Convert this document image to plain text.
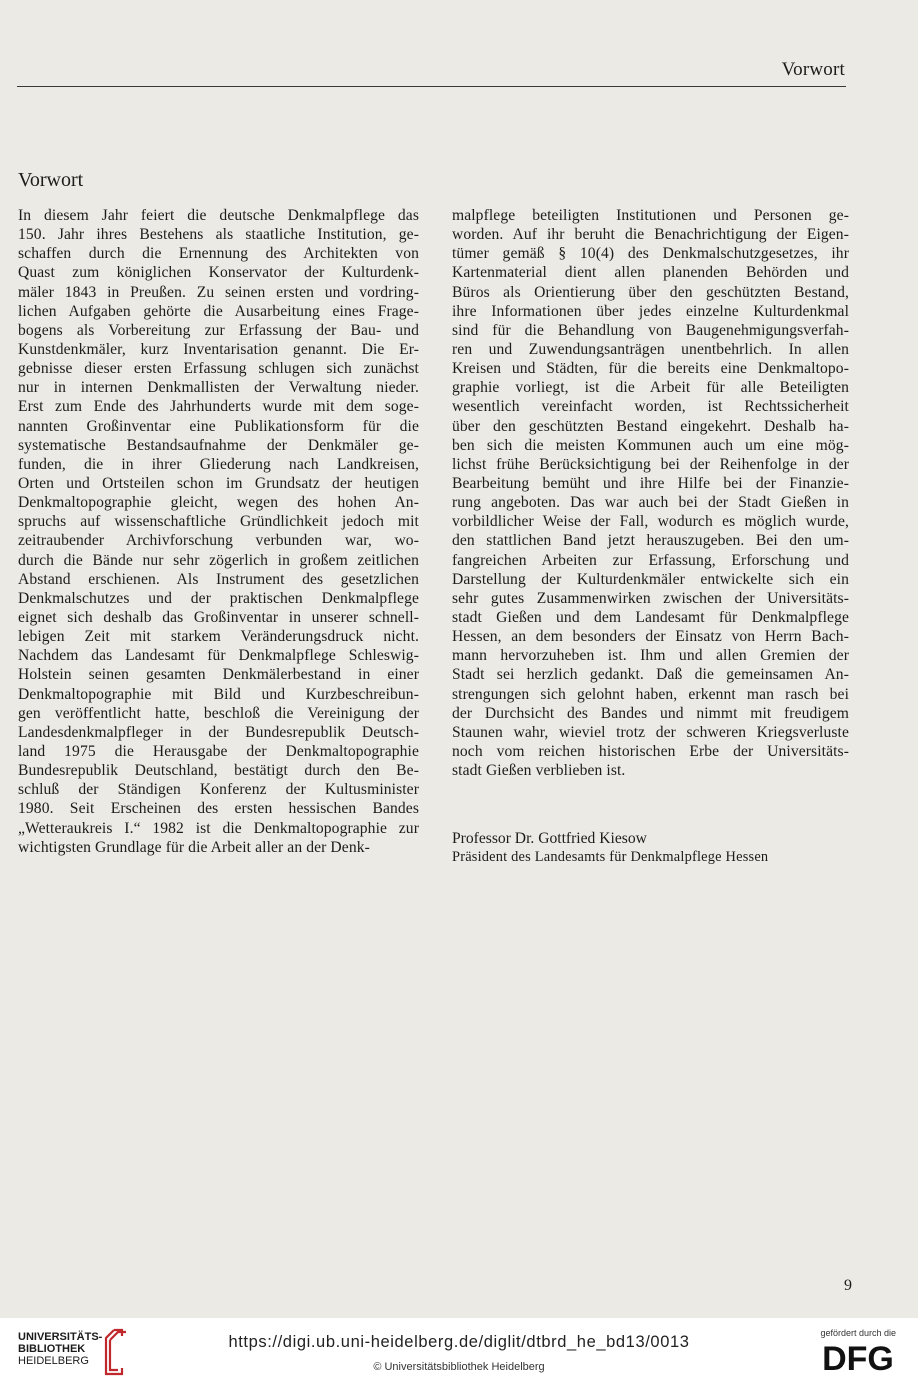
Vorwort
Vorwort
In diesem Jahr feiert die deutsche Denkmalpflege das
150. Jahr ihres Bestehens als staatliche Institution, ge-
schaffen durch die Ernennung des Architekten von
Quast zum königlichen Konservator der Kulturdenk-
mäler 1843 in Preußen. Zu seinen ersten und vordring-
lichen Aufgaben gehörte die Ausarbeitung eines Frage-
bogens als Vorbereitung zur Erfassung der Bau- und
Kunstdenkmäler, kurz Inventarisation genannt. Die Er-
gebnisse dieser ersten Erfassung schlugen sich zunächst
nur in internen Denkmallisten der Verwaltung nieder.
Erst zum Ende des Jahrhunderts wurde mit dem soge-
nannten Großinventar eine Publikationsform für die
systematische Bestandsaufnahme der Denkmäler ge-
funden, die in ihrer Gliederung nach Landkreisen,
Orten und Ortsteilen schon im Grundsatz der heutigen
Denkmaltopographie gleicht, wegen des hohen An-
spruchs auf wissenschaftliche Gründlichkeit jedoch mit
zeitraubender Archivforschung verbunden war, wo-
durch die Bände nur sehr zögerlich in großem zeitlichen
Abstand erschienen. Als Instrument des gesetzlichen
Denkmalschutzes und der praktischen Denkmalpflege
eignet sich deshalb das Großinventar in unserer schnell-
lebigen Zeit mit starkem Veränderungsdruck nicht.
Nachdem das Landesamt für Denkmalpflege Schleswig-
Holstein seinen gesamten Denkmälerbestand in einer
Denkmaltopographie mit Bild und Kurzbeschreibun-
gen veröffentlicht hatte, beschloß die Vereinigung der
Landesdenkmalpfleger in der Bundesrepublik Deutsch-
land 1975 die Herausgabe der Denkmaltopographie
Bundesrepublik Deutschland, bestätigt durch den Be-
schluß der Ständigen Konferenz der Kultusminister
1980. Seit Erscheinen des ersten hessischen Bandes
„Wetteraukreis I.“ 1982 ist die Denkmaltopographie zur
wichtigsten Grundlage für die Arbeit aller an der Denk-
malpflege beteiligten Institutionen und Personen ge-
worden. Auf ihr beruht die Benachrichtigung der Eigen-
tümer gemäß § 10(4) des Denkmalschutzgesetzes, ihr
Kartenmaterial dient allen planenden Behörden und
Büros als Orientierung über den geschützten Bestand,
ihre Informationen über jedes einzelne Kulturdenkmal
sind für die Behandlung von Baugenehmigungsverfah-
ren und Zuwendungsanträgen unentbehrlich. In allen
Kreisen und Städten, für die bereits eine Denkmaltopo-
graphie vorliegt, ist die Arbeit für alle Beteiligten
wesentlich vereinfacht worden, ist Rechtssicherheit
über den geschützten Bestand eingekehrt. Deshalb ha-
ben sich die meisten Kommunen auch um eine mög-
lichst frühe Berücksichtigung bei der Reihenfolge in der
Bearbeitung bemüht und ihre Hilfe bei der Finanzie-
rung angeboten. Das war auch bei der Stadt Gießen in
vorbildlicher Weise der Fall, wodurch es möglich wurde,
den stattlichen Band jetzt herauszugeben. Bei den um-
fangreichen Arbeiten zur Erfassung, Erforschung und
Darstellung der Kulturdenkmäler entwickelte sich ein
sehr gutes Zusammenwirken zwischen der Universitäts-
stadt Gießen und dem Landesamt für Denkmalpflege
Hessen, an dem besonders der Einsatz von Herrn Bach-
mann hervorzuheben ist. Ihm und allen Gremien der
Stadt sei herzlich gedankt. Daß die gemeinsamen An-
strengungen sich gelohnt haben, erkennt man rasch bei
der Durchsicht des Bandes und nimmt mit freudigem
Staunen wahr, wieviel trotz der schweren Kriegsverluste
noch vom reichen historischen Erbe der Universitäts-
stadt Gießen verblieben ist.
Professor Dr. Gottfried Kiesow
Präsident des Landesamts für Denkmalpflege Hessen
9
UNIVERSITÄTS-
BIBLIOTHEK
HEIDELBERG
https://digi.ub.uni-heidelberg.de/diglit/dtbrd_he_bd13/0013
© Universitätsbibliothek Heidelberg
gefördert durch die
DFG
